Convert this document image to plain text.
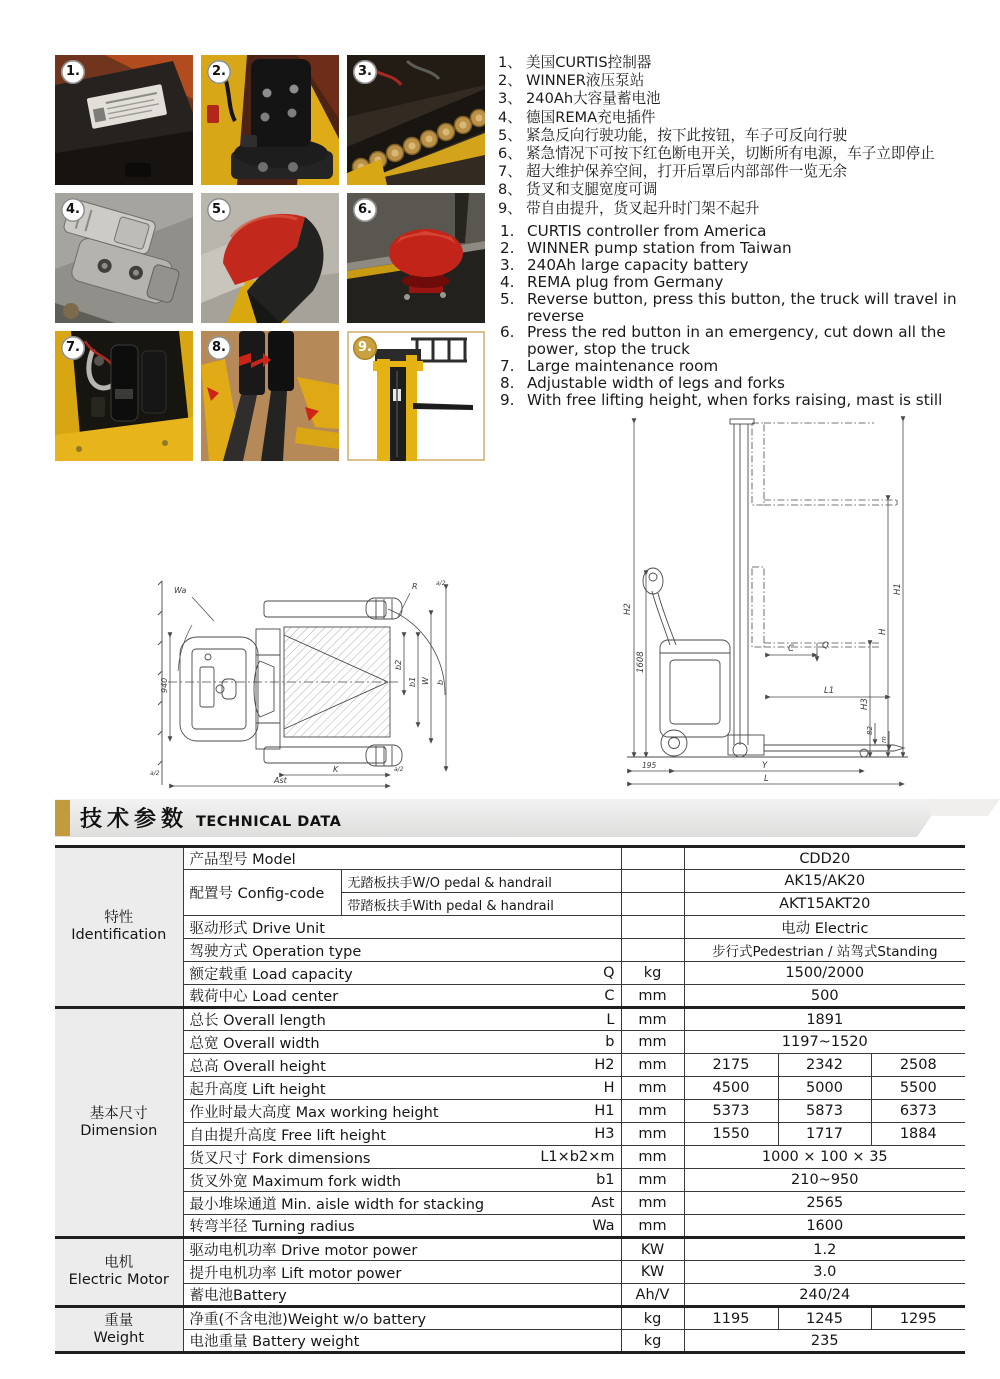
1.	2.	3.
4.	5.	6.
7.	8.	9.
1、 美国CURTIS控制器
2、 WINNER液压泵站
3、 240Ah大容量蓄电池
4、 德国REMA充电插件
5、 紧急反向行驶功能，按下此按钮，车子可反向行驶
6、 紧急情况下可按下红色断电开关，切断所有电源，车子立即停止
7、 超大维护保养空间，打开后罩后内部部件一览无余
8、 货叉和支腿宽度可调
9、 带自由提升，货叉起升时门架不起升
1. CURTIS controller from America
2. WINNER pump station from Taiwan
3. 240Ah large capacity battery
4. REMA plug from Germany
5. Reverse button, press this button, the truck will travel in reverse
6. Press the red button in an emergency, cut down all the power, stop the truck
7. Large maintenance room
8. Adjustable width of legs and forks
9. With free lifting height, when forks raising, mast is still
Wa	R
940
b2
b1 W b
K
Ast
a/2
a/2
a/2
H2
1608
H1
H
H3
C	Q
L1
82
m
195	Y
L
技术参数 TECHNICAL DATA
特性
Identification	产品型号 Model			CDD20		
	配置号 Config-code	无踏板扶手W/O pedal & handrail		AK15/AK20		
		带踏板扶手With pedal & handrail		AKT15AKT20		

	驱动形式 Drive Unit			电动 Electric		

	驾驶方式 Operation type			步行式Pedestrian / 站驾式Standing		

	额定载重 Load capacity Q		kg	1500/2000		

	载荷中心 Load center C		mm	500		

基本尺寸
Dimension

总长 Overall length	L	mm	1891

	总宽 Overall width b		mm	1197~1520		

	总高 Overall height H2		mm	2175	2342	2508

	起升高度 Lift height H		mm	4500	5000	5500

	作业时最大高度 Max working height H1		mm	5373	5873	6373

	自由提升高度 Free lift height H3		mm	1550	1717	1884

	货叉尺寸 Fork dimensions L1×b2×m		mm	1000 × 100 × 35		

	货叉外宽 Maximum fork width b1		mm	210~950		

	最小堆垛通道 Min. aisle width for stacking Ast		mm	2565		

	转弯半径 Turning radius Wa		mm	1600		

电机
Electric Motor	驱动电机功率 Drive motor power		KW	1.2		

	提升电机功率 Lift motor power		KW	3.0		

	蓄电池Battery		Ah/V	240/24		

重量
Weight	净重(不含电池)Weight w/o battery		kg	1195	1245	1295

	电池重量 Battery weight		kg	235		
